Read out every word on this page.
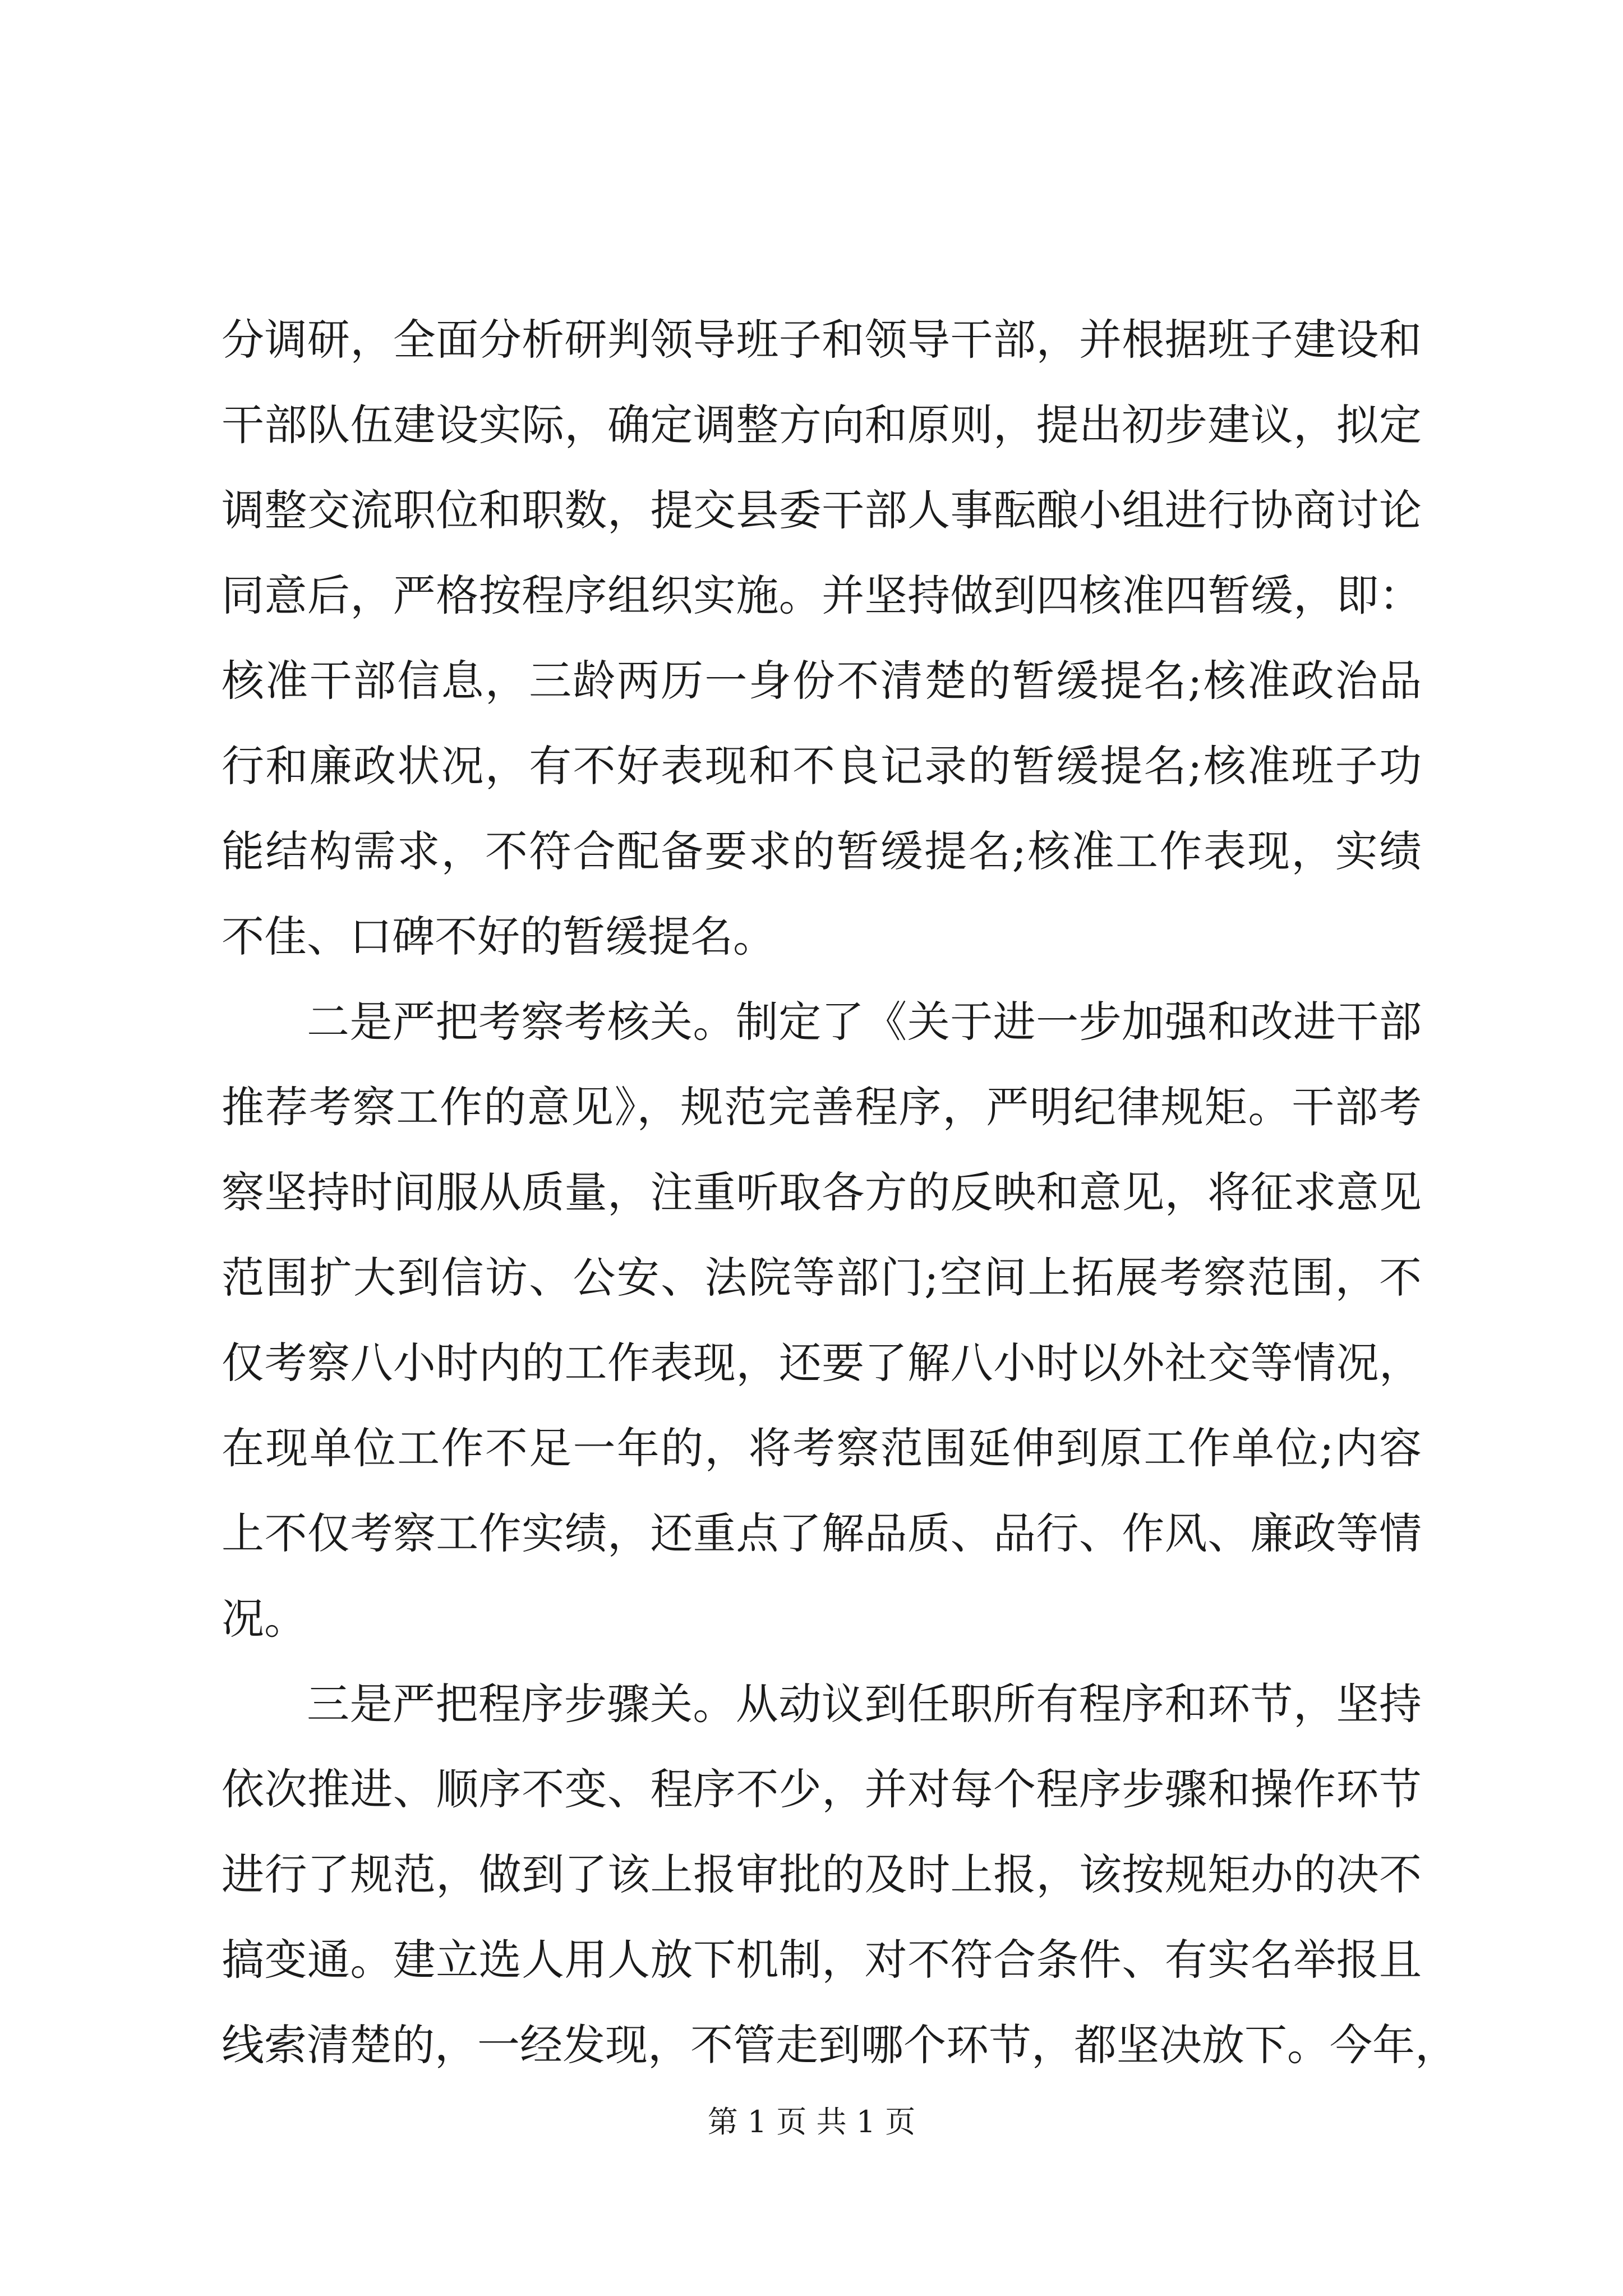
分调研，全面分析研判领导班子和领导干部，并根据班子建设和
干部队伍建设实际，确定调整方向和原则，提出初步建议，拟定
调整交流职位和职数，提交县委干部人事酝酿小组进行协商讨论
同意后，严格按程序组织实施。并坚持做到四核准四暂缓，即：
核准干部信息，三龄两历一身份不清楚的暂缓提名;核准政治品
行和廉政状况，有不好表现和不良记录的暂缓提名;核准班子功
能结构需求，不符合配备要求的暂缓提名;核准工作表现，实绩
不佳、口碑不好的暂缓提名。
二是严把考察考核关。制定了《关于进一步加强和改进干部
推荐考察工作的意见》，规范完善程序，严明纪律规矩。干部考
察坚持时间服从质量，注重听取各方的反映和意见，将征求意见
范围扩大到信访、公安、法院等部门;空间上拓展考察范围，不
仅考察八小时内的工作表现，还要了解八小时以外社交等情况，
在现单位工作不足一年的，将考察范围延伸到原工作单位;内容
上不仅考察工作实绩，还重点了解品质、品行、作风、廉政等情
况。
三是严把程序步骤关。从动议到任职所有程序和环节，坚持
依次推进、顺序不变、程序不少，并对每个程序步骤和操作环节
进行了规范，做到了该上报审批的及时上报，该按规矩办的决不
搞变通。建立选人用人放下机制，对不符合条件、有实名举报且
线索清楚的，一经发现，不管走到哪个环节，都坚决放下。今年，
第 1 页 共 1 页
